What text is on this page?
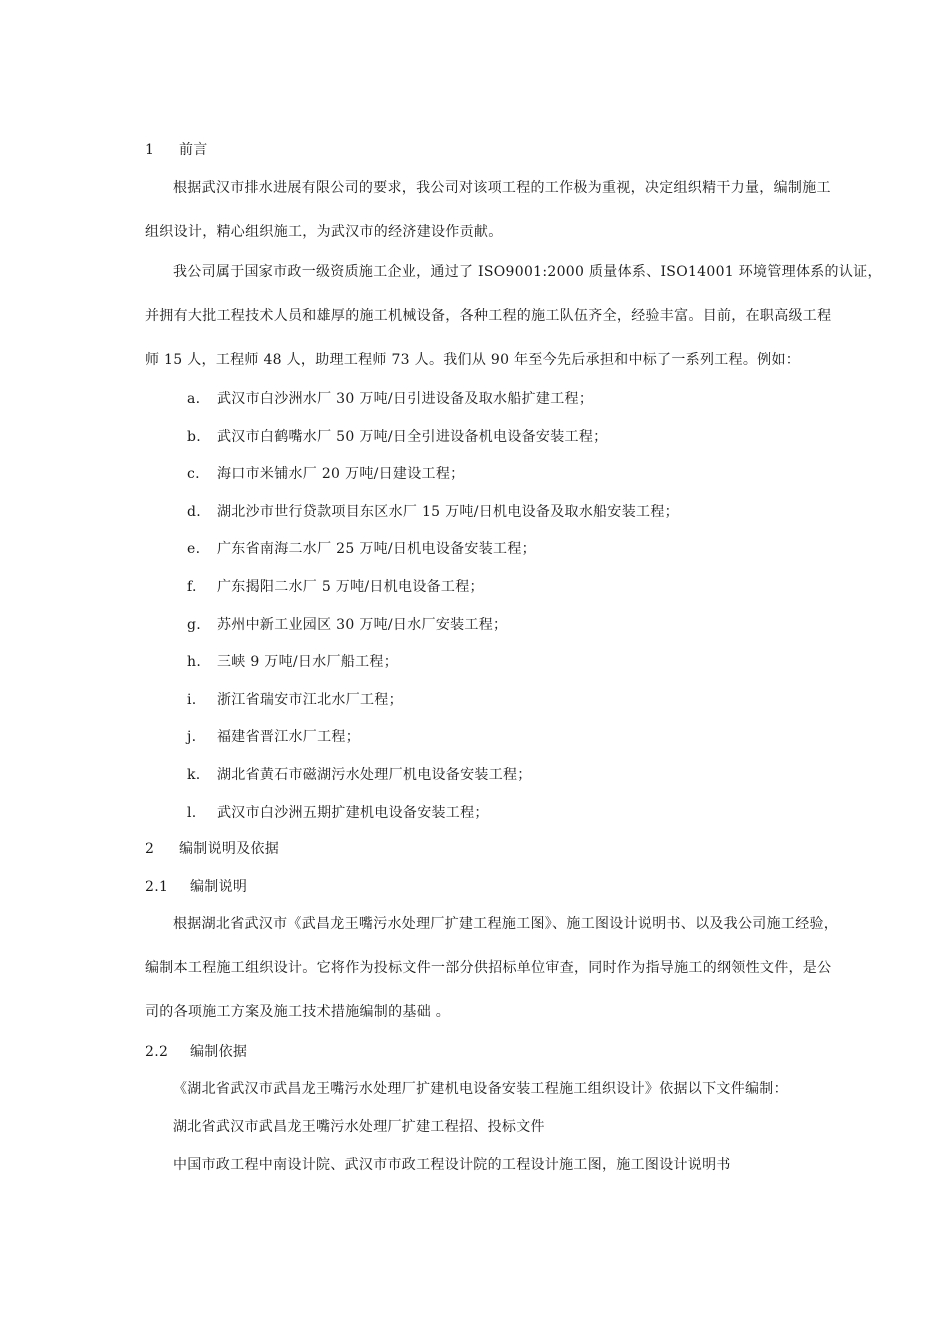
1 前言
根据武汉市排水进展有限公司的要求，我公司对该项工程的工作极为重视，决定组织精干力量，编制施工
组织设计，精心组织施工，为武汉市的经济建设作贡献。
我公司属于国家市政一级资质施工企业，通过了 ISO9001:2000 质量体系、ISO14001 环境管理体系的认证，
并拥有大批工程技术人员和雄厚的施工机械设备，各种工程的施工队伍齐全，经验丰富。目前，在职高级工程
师 15 人，工程师 48 人，助理工程师 73 人。我们从 90 年至今先后承担和中标了一系列工程。例如：
a. 武汉市白沙洲水厂 30 万吨/日引进设备及取水船扩建工程；
b. 武汉市白鹤嘴水厂 50 万吨/日全引进设备机电设备安装工程；
c. 海口市米铺水厂 20 万吨/日建设工程；
d. 湖北沙市世行贷款项目东区水厂 15 万吨/日机电设备及取水船安装工程；
e. 广东省南海二水厂 25 万吨/日机电设备安装工程；
f. 广东揭阳二水厂 5 万吨/日机电设备工程；
g. 苏州中新工业园区 30 万吨/日水厂安装工程；
h. 三峡 9 万吨/日水厂船工程；
i. 浙江省瑞安市江北水厂工程；
j. 福建省晋江水厂工程；
k. 湖北省黄石市磁湖污水处理厂机电设备安装工程；
l. 武汉市白沙洲五期扩建机电设备安装工程；
2 编制说明及依据
2.1 编制说明
根据湖北省武汉市《武昌龙王嘴污水处理厂扩建工程施工图》、施工图设计说明书、以及我公司施工经验，
编制本工程施工组织设计。它将作为投标文件一部分供招标单位审查，同时作为指导施工的纲领性文件，是公
司的各项施工方案及施工技术措施编制的基础 。
2.2 编制依据
《湖北省武汉市武昌龙王嘴污水处理厂扩建机电设备安装工程施工组织设计》依据以下文件编制：
湖北省武汉市武昌龙王嘴污水处理厂扩建工程招、投标文件
中国市政工程中南设计院、武汉市市政工程设计院的工程设计施工图，施工图设计说明书
